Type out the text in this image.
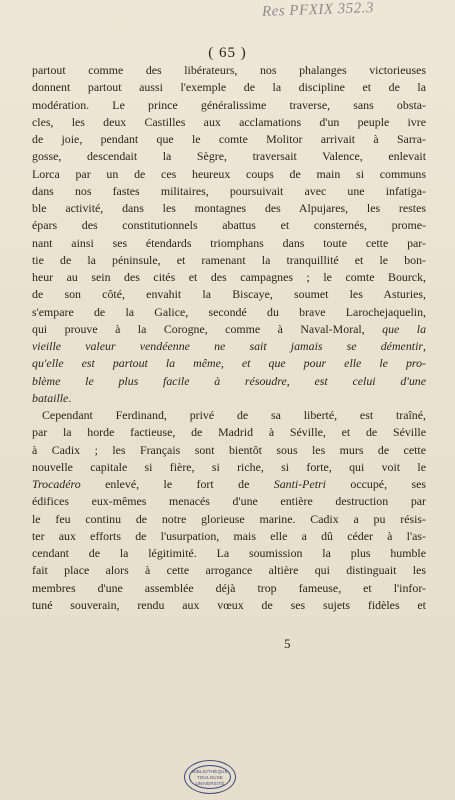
Res PFXIX 352.3
( 65 )
partout comme des libérateurs, nos phalanges victorieuses
donnent partout aussi l'exemple de la discipline et de la
modération. Le prince généralissime traverse, sans obsta-
cles, les deux Castilles aux acclamations d'un peuple ivre
de joie, pendant que le comte Molitor arrivait à Sarra-
gosse, descendait la Sègre, traversait Valence, enlevait
Lorca par un de ces heureux coups de main si communs
dans nos fastes militaires, poursuivait avec une infatiga-
ble activité, dans les montagnes des Alpujares, les restes
épars des constitutionnels abattus et consternés, prome-
nant ainsi ses étendards triomphans dans toute cette par-
tie de la péninsule, et ramenant la tranquillité et le bon-
heur au sein des cités et des campagnes ; le comte Bourck,
de son côté, envahit la Biscaye, soumet les Asturies,
s'empare de la Galice, secondé du brave Larochejaquelin,
qui prouve à la Corogne, comme à Naval-Moral, que la
vieille valeur vendéenne ne sait jamais se démentir,
qu'elle est partout la même, et que pour elle le pro-
blème le plus facile à résoudre, est celui d'une
bataille.
Cependant Ferdinand, privé de sa liberté, est traîné,
par la horde factieuse, de Madrid à Séville, et de Séville
à Cadix ; les Français sont bientôt sous les murs de cette
nouvelle capitale si fière, si riche, si forte, qui voit le
Trocadéro enlevé, le fort de Santi-Petri occupé, ses
édifices eux-mêmes menacés d'une entière destruction par
le feu continu de notre glorieuse marine. Cadix a pu résis-
ter aux efforts de l'usurpation, mais elle a dû céder à l'as-
cendant de la légitimité. La soumission la plus humble
fait place alors à cette arrogance altière qui distinguait les
membres d'une assemblée déjà trop fameuse, et l'infor-
tuné souverain, rendu aux vœux de ses sujets fidèles et
5
BIBLIOTHÈQUE
TOULOUSE
UNIVERSITÉ
